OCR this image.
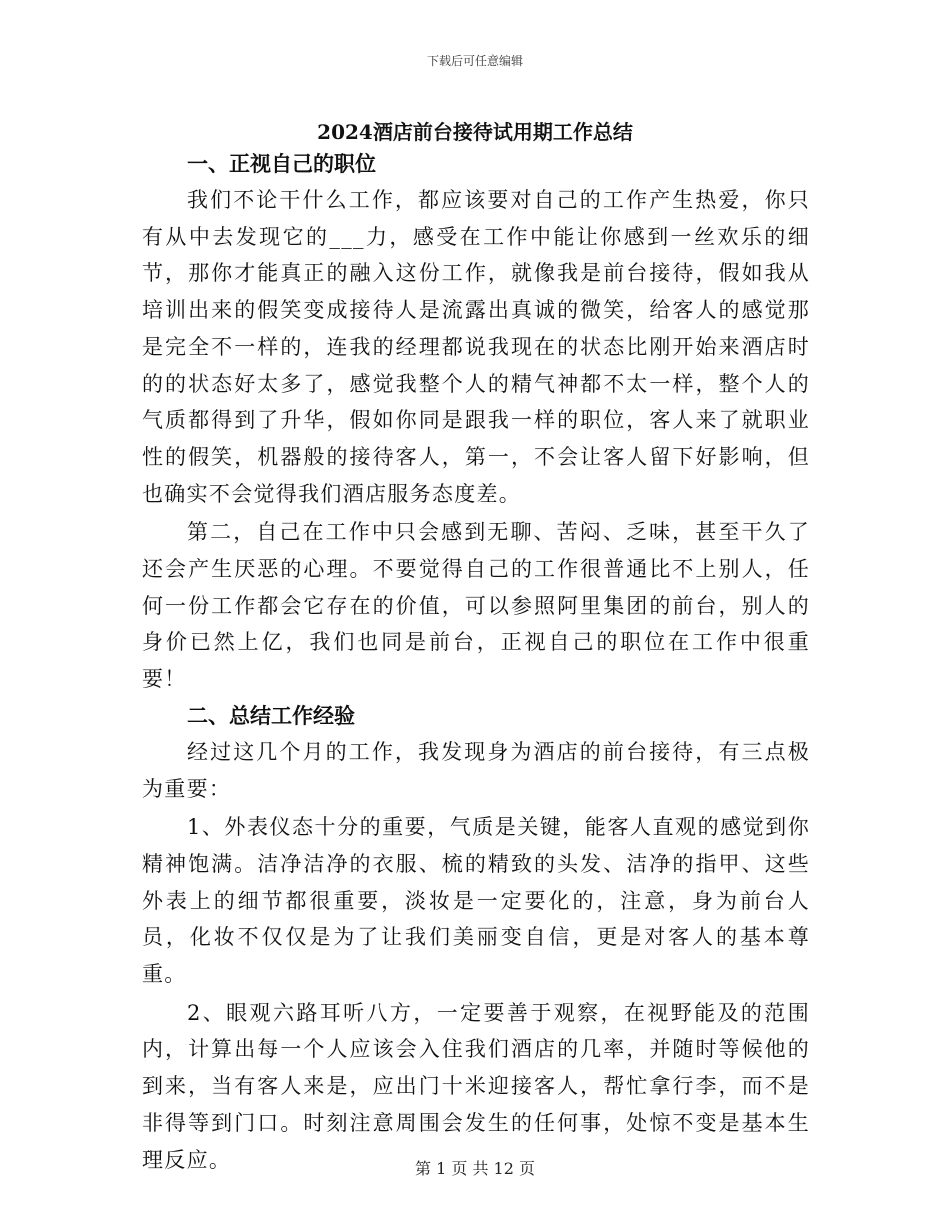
下载后可任意编辑
2024酒店前台接待试用期工作总结
一、正视自己的职位

我们不论干什么工作，都应该要对自己的工作产生热爱，你只有从中去发现它的___力，感受在工作中能让你感到一丝欢乐的细节，那你才能真正的融入这份工作，就像我是前台接待，假如我从培训出来的假笑变成接待人是流露出真诚的微笑，给客人的感觉那是完全不一样的，连我的经理都说我现在的状态比刚开始来酒店时的的状态好太多了，感觉我整个人的精气神都不太一样，整个人的气质都得到了升华，假如你同是跟我一样的职位，客人来了就职业性的假笑，机器般的接待客人，第一，不会让客人留下好影响，但也确实不会觉得我们酒店服务态度差。

第二，自己在工作中只会感到无聊、苦闷、乏味，甚至干久了还会产生厌恶的心理。不要觉得自己的工作很普通比不上别人，任何一份工作都会它存在的价值，可以参照阿里集团的前台，别人的身价已然上亿，我们也同是前台，正视自己的职位在工作中很重要！

二、总结工作经验

经过这几个月的工作，我发现身为酒店的前台接待，有三点极为重要：

1、外表仪态十分的重要，气质是关键，能客人直观的感觉到你精神饱满。洁净洁净的衣服、梳的精致的头发、洁净的指甲、这些外表上的细节都很重要，淡妆是一定要化的，注意，身为前台人员，化妆不仅仅是为了让我们美丽变自信，更是对客人的基本尊重。

2、眼观六路耳听八方，一定要善于观察，在视野能及的范围内，计算出每一个人应该会入住我们酒店的几率，并随时等候他的到来，当有客人来是，应出门十米迎接客人，帮忙拿行李，而不是非得等到门口。时刻注意周围会发生的任何事，处惊不变是基本生理反应。	第 1 页 共 12 页
